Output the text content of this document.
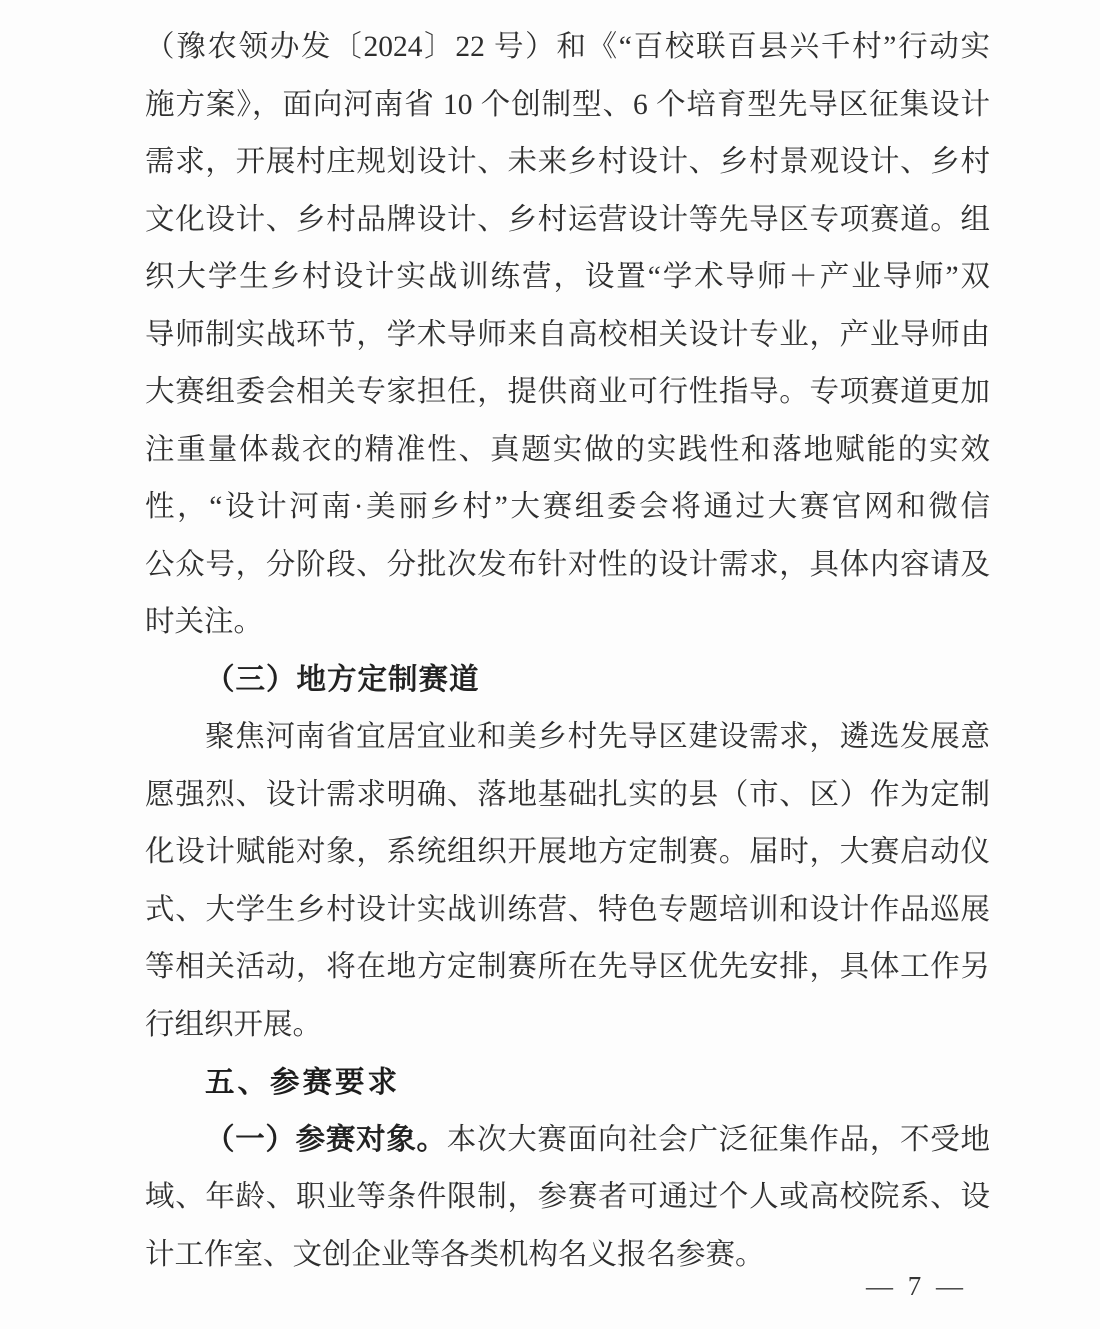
（豫农领办发〔2024〕22 号）和《“百校联百县兴千村”行动实
施方案》，面向河南省 10 个创制型、6 个培育型先导区征集设计
需求，开展村庄规划设计、未来乡村设计、乡村景观设计、乡村
文化设计、乡村品牌设计、乡村运营设计等先导区专项赛道。组
织大学生乡村设计实战训练营，设置“学术导师＋产业导师”双
导师制实战环节，学术导师来自高校相关设计专业，产业导师由
大赛组委会相关专家担任，提供商业可行性指导。专项赛道更加
注重量体裁衣的精准性、真题实做的实践性和落地赋能的实效
性，“设计河南·美丽乡村”大赛组委会将通过大赛官网和微信
公众号，分阶段、分批次发布针对性的设计需求，具体内容请及
时关注。
（三）地方定制赛道
聚焦河南省宜居宜业和美乡村先导区建设需求，遴选发展意
愿强烈、设计需求明确、落地基础扎实的县（市、区）作为定制
化设计赋能对象，系统组织开展地方定制赛。届时，大赛启动仪
式、大学生乡村设计实战训练营、特色专题培训和设计作品巡展
等相关活动，将在地方定制赛所在先导区优先安排，具体工作另
行组织开展。
五、参赛要求
（一）参赛对象。本次大赛面向社会广泛征集作品，不受地
域、年龄、职业等条件限制，参赛者可通过个人或高校院系、设
计工作室、文创企业等各类机构名义报名参赛。
— 7 —
